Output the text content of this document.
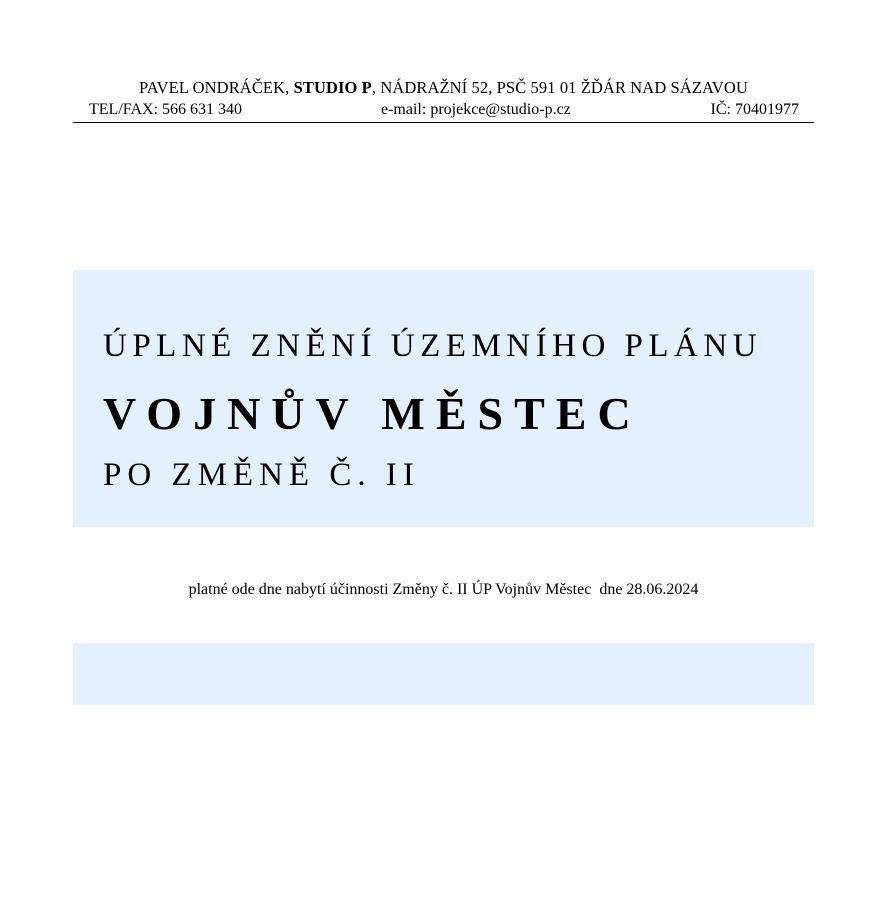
PAVEL ONDRÁČEK, STUDIO P, NÁDRAŽNÍ 52, PSČ 591 01 ŽĎÁR NAD SÁZAVOU
TEL/FAX: 566 631 340	e-mail: projekce@studio-p.cz	IČ: 70401977
ÚPLNÉ ZNĚNÍ ÚZEMNÍHO PLÁNU
VOJNŮV MĚSTEC
PO ZMĚNĚ Č. II
platné ode dne nabytí účinnosti Změny č. II ÚP Vojnův Městec  dne 28.06.2024
